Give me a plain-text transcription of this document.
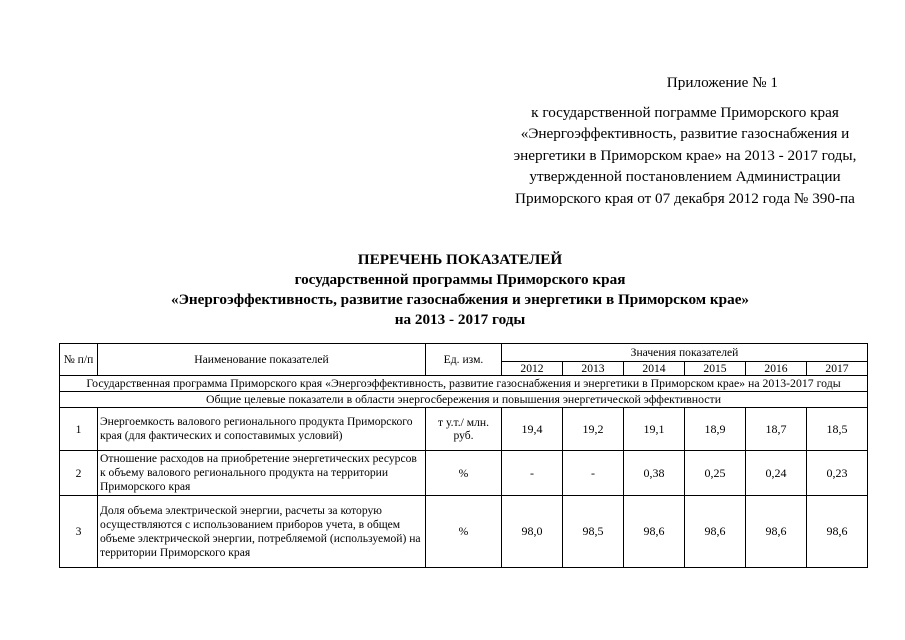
Приложение № 1
к государственной пограмме Приморского края
«Энергоэффективность, развитие газоснабжения и
энергетики в Приморском крае» на 2013 - 2017 годы,
утвержденной постановлением Администрации
Приморского края от 07 декабря 2012 года № 390-па
ПЕРЕЧЕНЬ ПОКАЗАТЕЛЕЙ
государственной программы Приморского края
«Энергоэффективность, развитие газоснабжения и энергетики в Приморском крае»
на 2013 - 2017 годы
№ п/п	Наименование показателей	Ед. изм.	Значения показателей					
			2012	2013	2014	2015	2016	2017
Государственная программа Приморского края «Энергоэффективность, развитие газоснабжения и энергетики в Приморском крае» на 2013-2017 годы								
Общие целевые показатели в области энергосбережения и повышения энергетической эффективности								
1	Энергоемкость валового регионального продукта Приморского края (для фактических и сопоставимых условий)	т у.т./ млн. руб.	19,4	19,2	19,1	18,9	18,7	18,5
2	Отношение расходов на приобретение энергетических ресурсов к объему валового регионального продукта на территории Приморского края	%	-	-	0,38	0,25	0,24	0,23
3	Доля объема электрической энергии, расчеты за которую осуществляются с использованием приборов учета, в общем объеме электрической энергии, потребляемой (используемой) на территории Приморского края	%	98,0	98,5	98,6	98,6	98,6	98,6
